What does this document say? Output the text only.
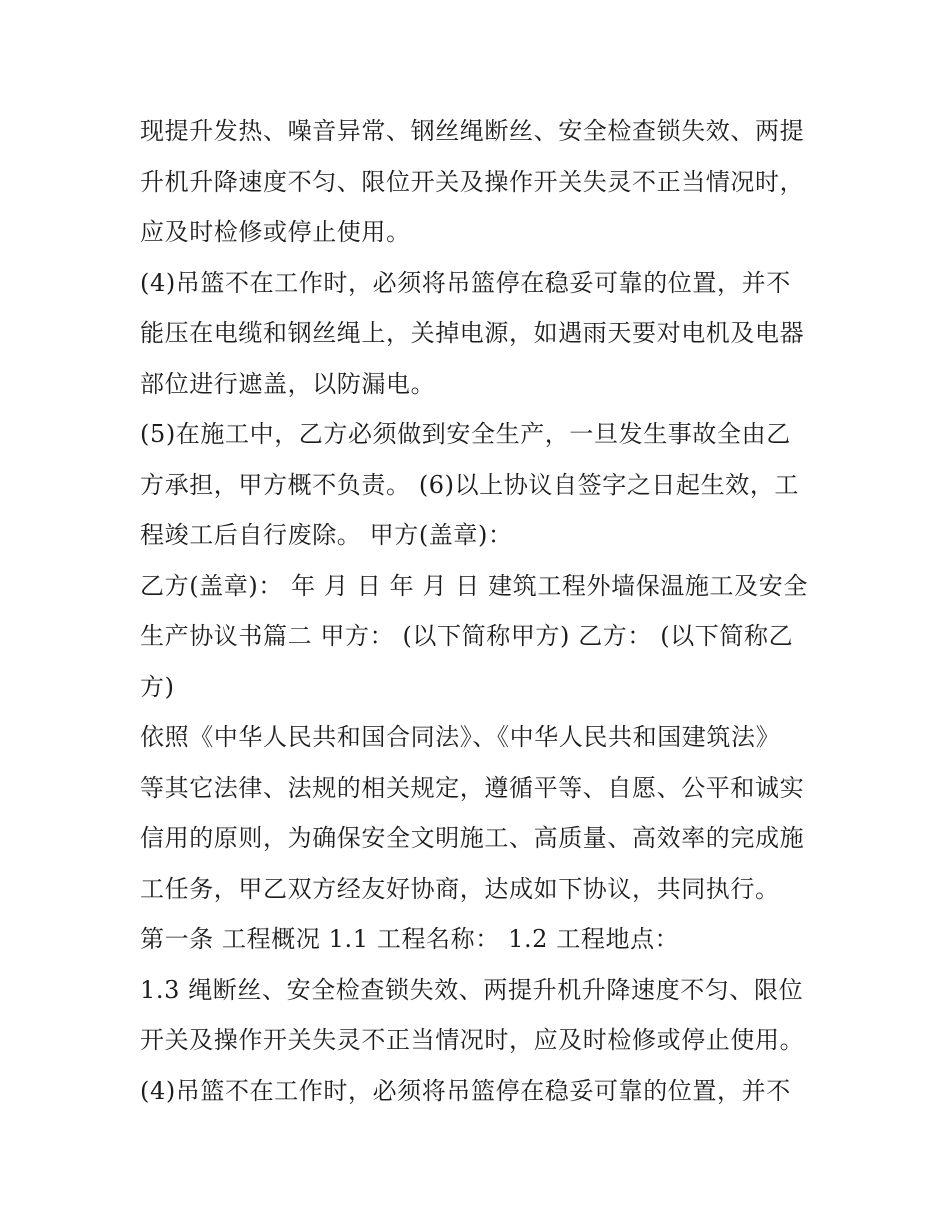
现提升发热、噪音异常、钢丝绳断丝、安全检查锁失效、两提
升机升降速度不匀、限位开关及操作开关失灵不正当情况时，
应及时检修或停止使用。
(4)吊篮不在工作时，必须将吊篮停在稳妥可靠的位置，并不
能压在电缆和钢丝绳上，关掉电源，如遇雨天要对电机及电器
部位进行遮盖，以防漏电。
(5)在施工中，乙方必须做到安全生产，一旦发生事故全由乙
方承担，甲方概不负责。 (6)以上协议自签字之日起生效，工
程竣工后自行废除。 甲方(盖章)：
乙方(盖章)： 年 月 日 年 月 日 建筑工程外墙保温施工及安全
生产协议书篇二 甲方： (以下简称甲方) 乙方： (以下简称乙
方)
依照《中华人民共和国合同法》、《中华人民共和国建筑法》
等其它法律、法规的相关规定，遵循平等、自愿、公平和诚实
信用的原则，为确保安全文明施工、高质量、高效率的完成施
工任务，甲乙双方经友好协商，达成如下协议，共同执行。
第一条 工程概况 1.1 工程名称： 1.2 工程地点：
1.3 绳断丝、安全检查锁失效、两提升机升降速度不匀、限位
开关及操作开关失灵不正当情况时，应及时检修或停止使用。
(4)吊篮不在工作时，必须将吊篮停在稳妥可靠的位置，并不
